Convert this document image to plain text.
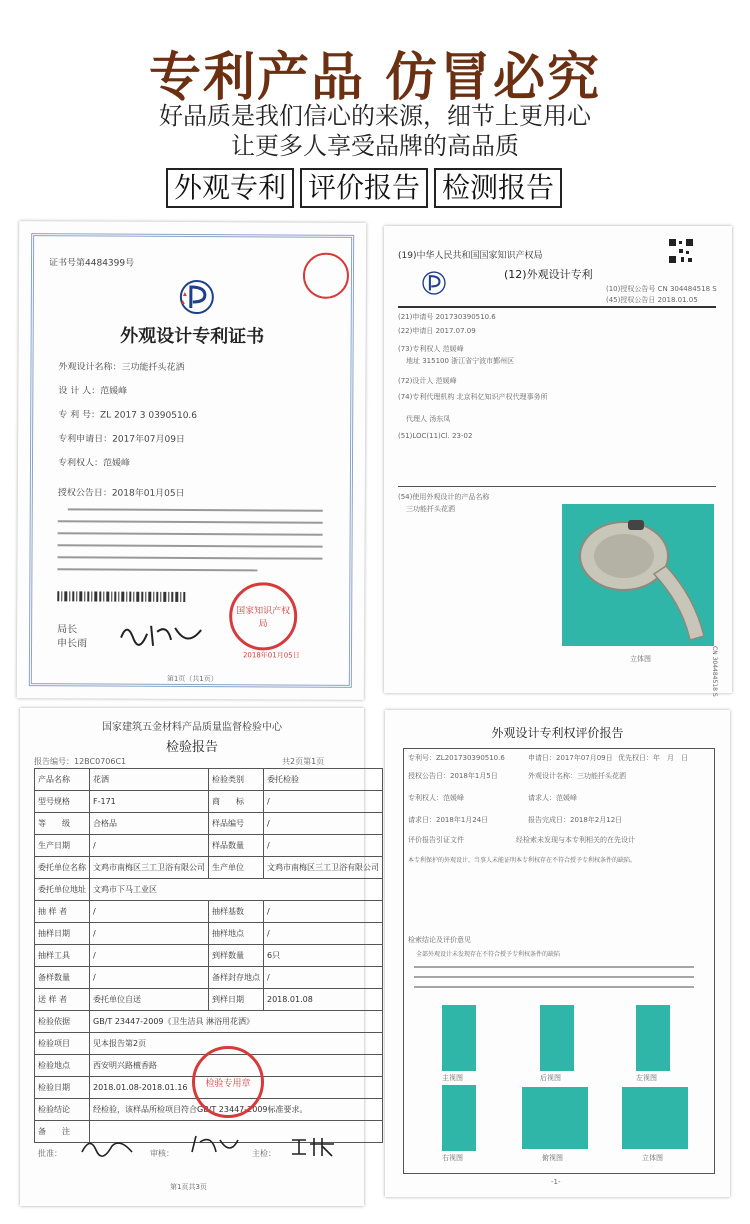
专利产品 仿冒必究
好品质是我们信心的来源，细节上更用心
让更多人享受品牌的高品质
外观专利 评价报告 检测报告
证书号第4484399号
外观设计专利证书
外观设计名称：三功能扦头花洒
设 计 人：范媛峰
专 利 号：ZL 2017 3 0390510.6
专利申请日：2017年07月09日
专利权人：范媛峰
授权公告日：2018年01月05日
局长
申长雨
国家知识产权局
2018年01月05日
第1页（共1页）
(19)中华人民共和国国家知识产权局
(12)外观设计专利
(10)授权公告号 CN 304484518 S
(45)授权公告日 2018.01.05
(21)申请号 201730390510.6
(22)申请日 2017.07.09
(73)专利权人 范媛峰
地址 315100 浙江省宁波市鄞州区
(72)设计人 范媛峰
(74)专利代理机构 北京科亿知识产权代理事务所
代理人 汤东凤
(51)LOC(11)Cl. 23-02
(54)使用外观设计的产品名称
三功能扦头花洒
立体图	CN 304484518 S
国家建筑五金材料产品质量监督检验中心
检验报告
报告编号：12BC0706C1	共2页第1页
产品名称	花洒	检验类别	委托检验
型号规格	F-171	商　　标	/
等　　级	合格品	样品编号	/
生产日期	/	样品数量	/
委托单位名称	文鸡市南梅区三工卫浴有限公司	生产单位	文鸡市南梅区三工卫浴有限公司
委托单位地址	文鸡市下马工业区		
抽 样 者	/	抽样基数	/
抽样日期	/	抽样地点	/
抽样工具	/	到样数量	6只
备样数量	/	备样封存地点	/
送 样 者	委托单位自送	到样日期	2018.01.08
检验依据	GB/T 23447-2009《卫生洁具 淋浴用花洒》		
检验项目	见本报告第2页		
检验地点	西安明兴路檀香路		
检验日期	2018.01.08-2018.01.16		
检验结论	经检验，该样品所检项目符合GB/T 23447-2009标准要求。		
备　　注			
检验专用章
批准：	审核：	主检：
第1页共3页
外观设计专利权评价报告
专利号：ZL201730390510.6	申请日：2017年07月09日 优先权日：年　月　日
授权公告日：2018年1月5日	外观设计名称：三功能扦头花洒
专利权人：范媛峰	请求人：范媛峰
请求日：2018年1月24日	报告完成日：2018年2月12日
评价报告引证文件	经检索未发现与本专利相关的在先设计
本专利保护的外观设计，当事人未能证明本专利权存在不符合授予专利权条件的缺陷。
检索结论及评价意见
全部外观设计未发现存在不符合授予专利权条件的缺陷
主视图	后视图	左视图
右视图	俯视图	立体图
-1-
